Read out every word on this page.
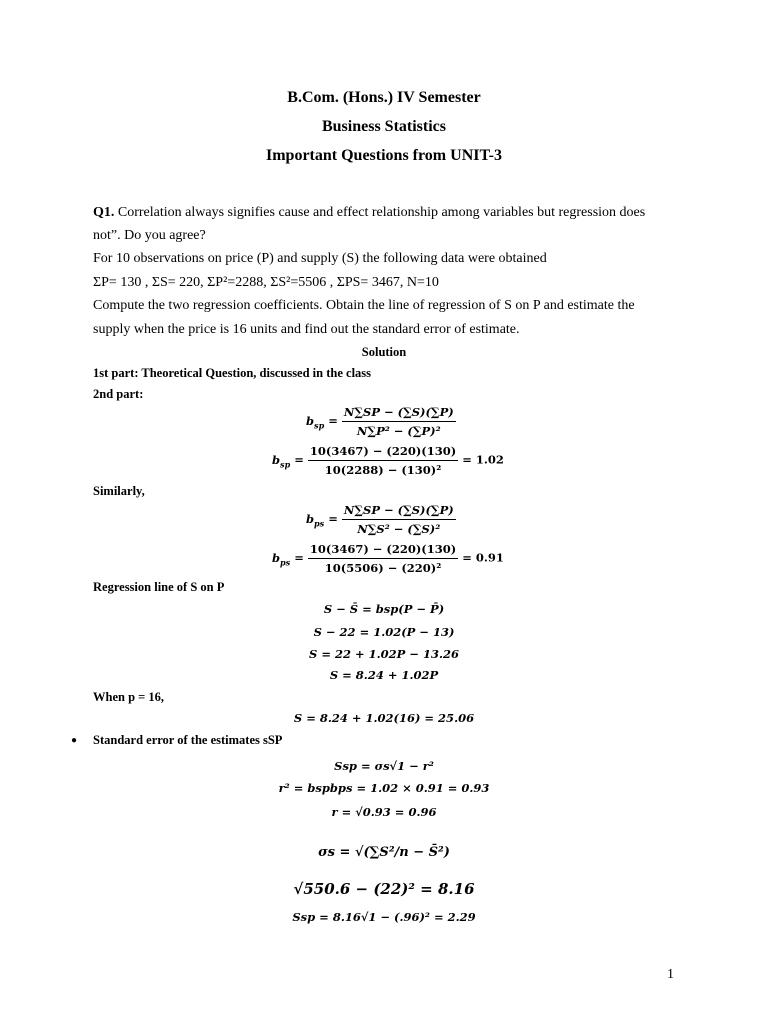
B.Com. (Hons.) IV Semester
Business Statistics
Important Questions from UNIT-3
Q1. Correlation always signifies cause and effect relationship among variables but regression does
not”. Do you agree?
For 10 observations on price (P) and supply (S) the following data were obtained
ΣP= 130 , ΣS= 220, ΣP²=2288, ΣS²=5506 , ΣPS= 3467, N=10
Compute the two regression coefficients. Obtain the line of regression of S on P and estimate the
supply when the price is 16 units and find out the standard error of estimate.
Solution
1st part: Theoretical Question, discussed in the class
2nd part:
$b_{sp} = \frac{N\sum SP - (\sum S)(\sum P)}{\text{N∑P² − (∑P)²}}$
$b_{sp} = \frac{10(3467) - (220)(130)}{\text{10(2288) − (130)²}} = 1.02$
Similarly,
$b_{ps} = \frac{N\sum SP - (\sum S)(\sum P)}{\text{N∑S² − (∑S)²}}$
$b_{ps} = \frac{10(3467) - (220)(130)}{\text{10(5506) − (220)²}} = 0.91$
Regression line of S on P
S − S̄ = bsp(P − P̄)
S − 22 = 1.02(P − 13)
S = 22 + 1.02P − 13.26
S = 8.24 + 1.02P
When p = 16,
S = 8.24 + 1.02(16) = 25.06
● Standard error of the estimates sSP
Ssp = σs√1 − r²
r² = bspbps = 1.02 × 0.91 = 0.93
r = √0.93 = 0.96
σs = √(∑S²/n − S̄²)
√550.6 − (22)² = 8.16
Ssp = 8.16√1 − (.96)² = 2.29
1
